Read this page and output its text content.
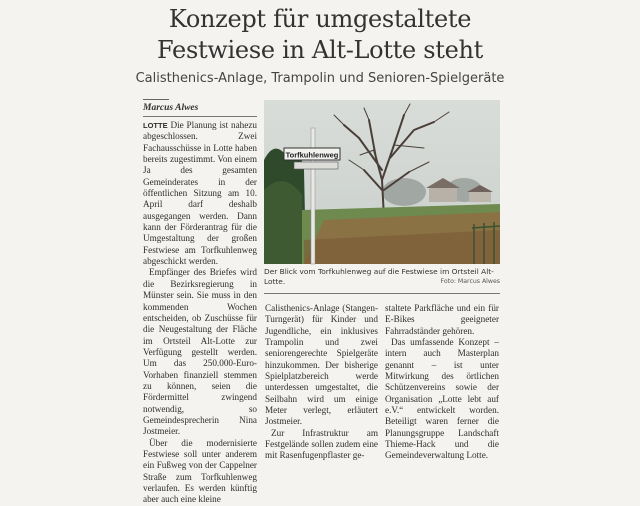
Konzept für umgestaltete
Festwiese in Alt-Lotte steht
Calisthenics-Anlage, Trampolin und Senioren-Spielgeräte
Marcus Alwes

LOTTE Die Planung ist nahezu abgeschlossen. Zwei Fachausschüsse in Lotte haben bereits zugestimmt. Von einem Ja des gesamten Gemeinderates in der öffentlichen Sitzung am 10. April darf deshalb ausgegangen werden. Dann kann der Förderantrag für die Umgestaltung der großen Festwiese am Torfkuhlenweg abgeschickt werden.

Empfänger des Briefes wird die Bezirksregierung in Münster sein. Sie muss in den kommenden Wochen entscheiden, ob Zuschüsse für die Neugestaltung der Fläche im Ortsteil Alt-Lotte zur Verfügung gestellt werden. Um das 250.000-Euro-Vorhaben finanziell stemmen zu können, seien die Fördermittel zwingend notwendig, so Gemeindesprecherin Nina Jostmeier.

Über die modernisierte Festwiese soll unter anderem ein Fußweg von der Cappelner Straße zum Torfkuhlenweg verlaufen. Es werden künftig aber auch eine kleine

Torfkuhlenweg
Der Blick vom Torfkuhlenweg auf die Festwiese im Ortsteil Alt-Lotte.	Foto: Marcus Alwes

Calisthenics-Anlage (Stangen-Turngerät) für Kinder und Jugendliche, ein inklusives Trampolin und zwei seniorengerechte Spielgeräte hinzukommen. Der bisherige Spielplatzbereich werde unterdessen umgestaltet, die Seilbahn wird um einige Meter verlegt, erläutert Jostmeier.

Zur Infrastruktur am Festgelände sollen zudem eine mit Rasenfugenpflaster ge-

staltete Parkfläche und ein für E-Bikes geeigneter Fahrradständer gehören.

Das umfassende Konzept – intern auch Masterplan genannt – ist unter Mitwirkung des örtlichen Schützenvereins sowie der Organisation „Lotte lebt auf e.V.“ entwickelt worden. Beteiligt waren ferner die Planungsgruppe Landschaft Thieme-Hack und die Gemeindeverwaltung Lotte.
